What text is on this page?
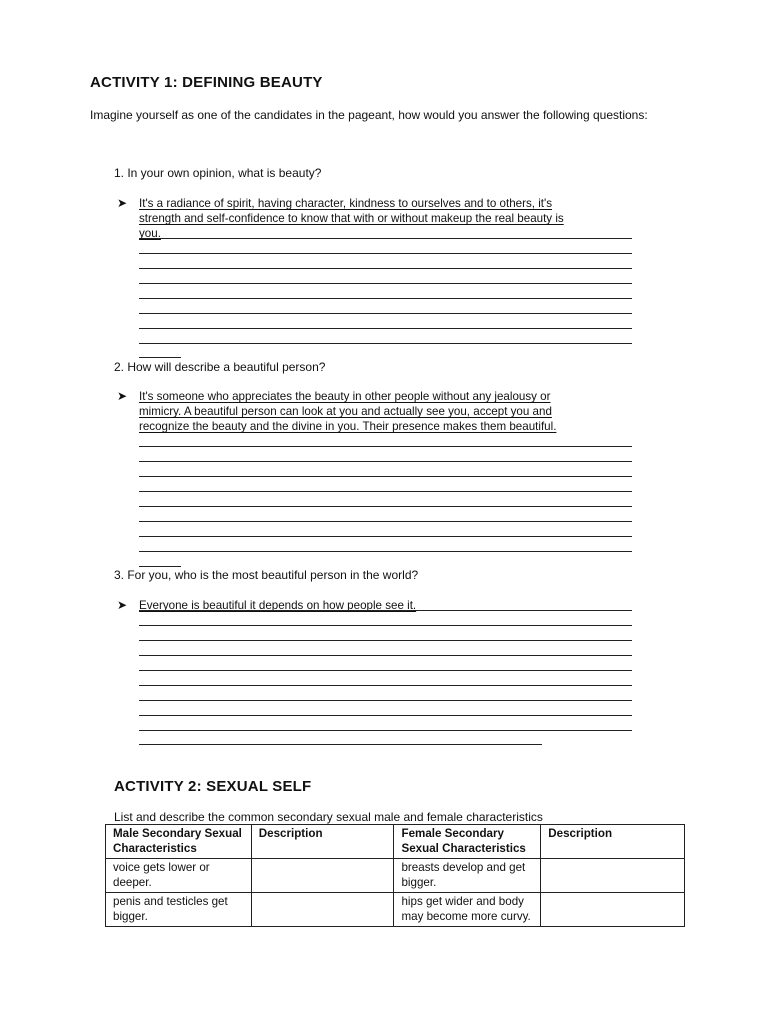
ACTIVITY 1: DEFINING BEAUTY
Imagine yourself as one of the candidates in the pageant, how would you answer the following questions:
1. In your own opinion, what is beauty?
➤ It's a radiance of spirit, having character, kindness to ourselves and to others, it's
strength and self-confidence to know that with or without makeup the real beauty is
you.
2. How will describe a beautiful person?
➤ It's someone who appreciates the beauty in other people without any jealousy or
mimicry. A beautiful person can look at you and actually see you, accept you and
recognize the beauty and the divine in you. Their presence makes them beautiful.
3. For you, who is the most beautiful person in the world?
➤ Everyone is beautiful it depends on how people see it.
ACTIVITY 2: SEXUAL SELF
List and describe the common secondary sexual male and female characteristics
Male Secondary Sexual Characteristics	Description	Female Secondary Sexual Characteristics	Description
voice gets lower or deeper.		breasts develop and get bigger.	
penis and testicles get bigger.		hips get wider and body may become more curvy.	
